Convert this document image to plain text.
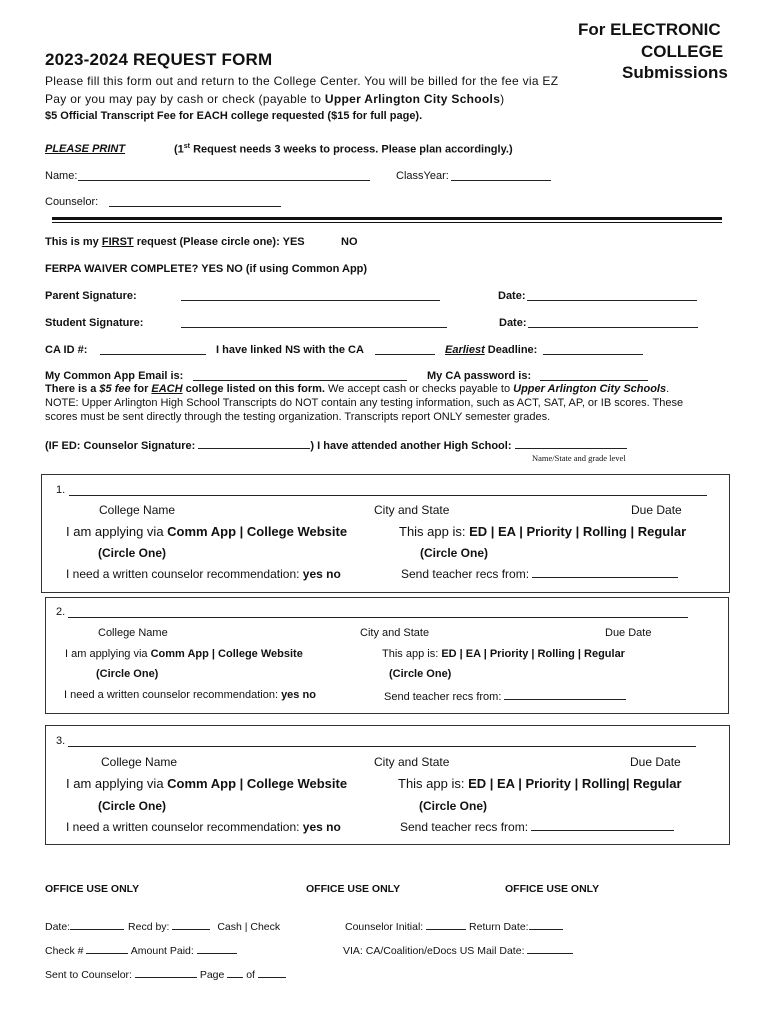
2023-2024 REQUEST FORM
For ELECTRONIC
COLLEGE
Submissions
Please fill this form out and return to the College Center. You will be billed for the fee via EZ
Pay or you may pay by cash or check (payable to Upper Arlington City Schools)
$5 Official Transcript Fee for EACH college requested ($15 for full page).
PLEASE PRINT	(1st Request needs 3 weeks to process. Please plan accordingly.)
Name:	ClassYear:
Counselor:
This is my FIRST request (Please circle one): YES	NO
FERPA WAIVER COMPLETE? YES NO (if using Common App)
Parent Signature:	Date:
Student Signature:	Date:
CA ID #:	I have linked NS with the CA	Earliest Deadline:
My Common App Email is:	My CA password is:
There is a $5 fee for EACH college listed on this form. We accept cash or checks payable to Upper Arlington City Schools.
NOTE: Upper Arlington High School Transcripts do NOT contain any testing information, such as ACT, SAT, AP, or IB scores. These
scores must be sent directly through the testing organization. Transcripts report ONLY semester grades.
(IF ED: Counselor Signature:	) I have attended another High School:
Name/State and grade level
1.
College Name	City and State	Due Date
I am applying via Comm App | College Website	This app is: ED | EA | Priority | Rolling | Regular
(Circle One)	(Circle One)
I need a written counselor recommendation: yes no	Send teacher recs from:
2.
College Name	City and State	Due Date
I am applying via Comm App | College Website	This app is: ED | EA | Priority | Rolling | Regular
(Circle One)	(Circle One)
I need a written counselor recommendation: yes no	Send teacher recs from:
3.
College Name	City and State	Due Date
I am applying via Comm App | College Website	This app is: ED | EA | Priority | Rolling| Regular
(Circle One)	(Circle One)
I need a written counselor recommendation: yes no	Send teacher recs from:
OFFICE USE ONLY	OFFICE USE ONLY	OFFICE USE ONLY
Date:	Recd by:	Cash | Check	Counselor Initial:	Return Date:
Check #	Amount Paid:	VIA: CA/Coalition/eDocs US Mail Date:
Sent to Counselor:	Page  of
